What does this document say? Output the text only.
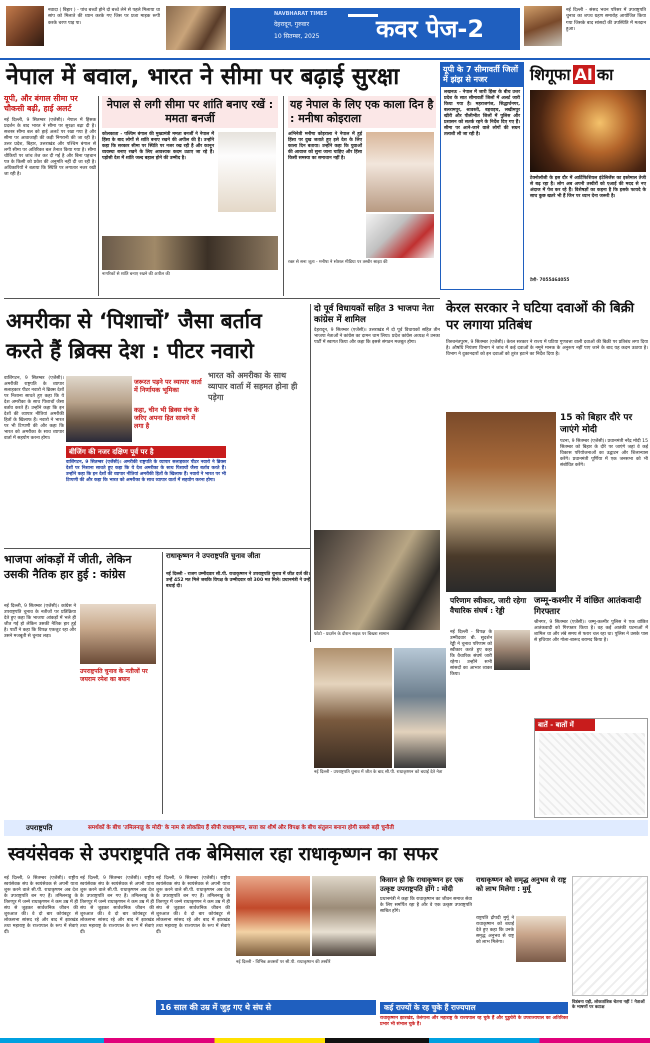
नवादा ( बिहार ) - पांच बच्चों होने दो बच्चे लेने से पहले मिलाया था सांप को मिलाते की ध्यान करके गए जिस पर प्रजा माइक रूपी करके चरण पाड़ पा।
NAVBHARAT TIMES
देहरादून, गुरुवार
10 सितम्बर, 2025 कवर पेज-2
नई दिल्ली - संसद भवन परिसर में उपराष्ट्रपति चुनाव का शपथ ग्रहण समारोह आयोजित किया गया जिसके बाद सांसदों की उपस्थिति में मतदान हुआ।
नेपाल में बवाल, भारत ने सीमा पर बढ़ाई सुरक्षा
यूपी, और बंगाल सीमा पर चौकसी बढ़ी, हाई अलर्ट
नई दिल्ली, 9 सितम्बर (एजेंसी)। नेपाल में हिंसक प्रदर्शन के बाद भारत ने सीमा पर सुरक्षा बढ़ा दी है। सशस्त्र सीमा बल को हाई अलर्ट पर रखा गया है और सीमा पर आवाजाही की कड़ी निगरानी की जा रही है। उत्तर प्रदेश, बिहार, उत्तराखंड और पश्चिम बंगाल से लगी सीमा पर अतिरिक्त बल तैनात किया गया है। सीमा चौकियों पर जांच तेज कर दी गई है और बिना पहचान पत्र के किसी को प्रवेश की अनुमति नहीं दी जा रही है। अधिकारियों ने बताया कि स्थिति पर लगातार नजर रखी जा रही है।
नेपाल से लगी सीमा पर शांति बनाए रखें : ममता बनर्जी
कोलकाता - पश्चिम बंगाल की मुख्यमंत्री ममता बनर्जी ने नेपाल में हिंसा के बाद लोगों से शांति बनाए रखने की अपील की है। उन्होंने कहा कि सरकार सीमा पर स्थिति पर नजर रख रही है और कानून व्यवस्था बनाए रखने के लिए आवश्यक कदम उठाए जा रहे हैं। पड़ोसी देश में शांति जल्द बहाल होने की उम्मीद है।
नागरिकों से शांति बनाए रखने की अपील की
यह नेपाल के लिए एक काला दिन है : मनीषा कोइराला
अभिनेत्री मनीषा कोइराला ने नेपाल में हुई हिंसा पर दुख जताते हुए इसे देश के लिए काला दिन बताया। उन्होंने कहा कि युवाओं की आवाज को सुना जाना चाहिए और हिंसा किसी समस्या का समाधान नहीं है।
रक्त से सना जूता - मनीषा ने सोशल मीडिया पर तस्वीर साझा की
यूपी के 7 सीमावर्ती जिलों में झंझ से नजर
लखनऊ - नेपाल में जारी हिंसा के बीच उत्तर प्रदेश के सात सीमावर्ती जिलों में अलर्ट जारी किया गया है। महराजगंज, सिद्धार्थनगर, बलरामपुर, श्रावस्ती, बहराइच, लखीमपुर खीरी और पीलीभीत जिलों में पुलिस और प्रशासन को सतर्क रहने के निर्देश दिए गए हैं। सीमा पर आने-जाने वाले लोगों की सघन तलाशी ली जा रही है।
शिगूफा AI का
टेक्नोलॉजी के इस दौर में आर्टिफिशियल इंटेलिजेंस का इस्तेमाल तेजी से बढ़ रहा है। लोग अब अपनी तस्वीरों को एआई की मदद से नए अंदाज में पेश कर रहे हैं। विशेषज्ञों का कहना है कि इसके फायदे के साथ कुछ खतरे भी हैं जिन पर ध्यान देना जरूरी है।
टेली- 7055464055
अमरीका से ‘पिशाचों’ जैसा बर्ताव
करते हैं ब्रिक्स देश : पीटर नवारो
वाशिंगटन, 9 सितम्बर (एजेंसी)। अमरीकी राष्ट्रपति के व्यापार सलाहकार पीटर नवारो ने ब्रिक्स देशों पर निशाना साधते हुए कहा कि ये देश अमरीका के साथ पिशाचों जैसा बर्ताव करते हैं। उन्होंने कहा कि इन देशों की व्यापार नीतियां अमरीकी हितों के खिलाफ हैं। नवारो ने भारत पर भी टिप्पणी की और कहा कि भारत को अमरीका के साथ व्यापार वार्ता में सहयोग करना होगा।
जरूरत पड़ने पर व्यापार वार्ता में निर्णायक भूमिका
कहा, चीन भी ब्रिक्स मंच के जरिए अपना हित साधने में लगा है
भारत को अमरीका के साथ व्यापार वार्ता में सहमत होना ही पड़ेगा
बीजिंग की नजर दक्षिण पूर्व पर है
वाशिंगटन, 9 सितम्बर (एजेंसी)। अमरीकी राष्ट्रपति के व्यापार सलाहकार पीटर नवारो ने ब्रिक्स देशों पर निशाना साधते हुए कहा कि ये देश अमरीका के साथ पिशाचों जैसा बर्ताव करते हैं। उन्होंने कहा कि इन देशों की व्यापार नीतियां अमरीकी हितों के खिलाफ हैं। नवारो ने भारत पर भी टिप्पणी की और कहा कि भारत को अमरीका के साथ व्यापार वार्ता में सहयोग करना होगा।
दो पूर्व विधायकों सहित 3 भाजपा नेता कांग्रेस में शामिल
देहरादून, 9 सितम्बर (एजेंसी)। उत्तराखंड में दो पूर्व विधायकों सहित तीन भाजपा नेताओं ने कांग्रेस का दामन थाम लिया। प्रदेश कांग्रेस अध्यक्ष ने उनका पार्टी में स्वागत किया और कहा कि इससे संगठन मजबूत होगा।
फोटो - प्रदर्शन के दौरान सड़क पर बिखरा सामान
केरल सरकार ने घटिया दवाओं की बिक्री पर लगाया प्रतिबंध
तिरुवनंतपुरम, 9 सितम्बर (एजेंसी)। केरल सरकार ने राज्य में घटिया गुणवत्ता वाली दवाओं की बिक्री पर प्रतिबंध लगा दिया है। औषधि नियंत्रण विभाग ने जांच में कई दवाओं के नमूने मानक के अनुरूप नहीं पाए जाने के बाद यह कदम उठाया है। विभाग ने दुकानदारों को इन दवाओं को तुरंत हटाने का निर्देश दिया है।
15 को बिहार दौरे पर जाएंगे मोदी
पटना, 9 सितम्बर (एजेंसी)। प्रधानमंत्री नरेंद्र मोदी 15 सितम्बर को बिहार के दौरे पर जाएंगे जहां वे कई विकास परियोजनाओं का उद्घाटन और शिलान्यास करेंगे। प्रधानमंत्री पूर्णिया में एक जनसभा को भी संबोधित करेंगे।
भाजपा आंकड़ों में जीती, लेकिन उसकी नैतिक हार हुई : कांग्रेस
नई दिल्ली, 9 सितम्बर (एजेंसी)। कांग्रेस ने उपराष्ट्रपति चुनाव के नतीजों पर प्रतिक्रिया देते हुए कहा कि भाजपा आंकड़ों में भले ही जीत गई हो लेकिन उसकी नैतिक हार हुई है। पार्टी ने कहा कि विपक्ष एकजुट रहा और उसने मजबूती से चुनाव लड़ा।
उपराष्ट्रपति चुनाव के नतीजों पर जयराम रमेश का बयान
राधाकृष्णन ने उपराष्ट्रपति चुनाव जीता
नई दिल्ली - राजग उम्मीदवार सी.पी. राधाकृष्णन ने उपराष्ट्रपति चुनाव में जीत दर्ज की। उन्हें 452 मत मिले जबकि विपक्ष के उम्मीदवार को 300 मत मिले। प्रधानमंत्री ने उन्हें बधाई दी।
नई दिल्ली - उपराष्ट्रपति चुनाव में जीत के बाद सी.पी. राधाकृष्णन को बधाई देते नेता
परिणाम स्वीकार, जारी रहेगा वैचारिक संघर्ष : रेड्डी
नई दिल्ली - विपक्ष के उम्मीदवार बी. सुदर्शन रेड्डी ने चुनाव परिणाम को स्वीकार करते हुए कहा कि वैचारिक संघर्ष जारी रहेगा। उन्होंने सभी सांसदों का आभार व्यक्त किया।
जम्मू-कश्मीर में वांछित आतंकवादी गिरफ्तार
श्रीनगर, 9 सितम्बर (एजेंसी)। जम्मू-कश्मीर पुलिस ने एक वांछित आतंकवादी को गिरफ्तार किया है। वह कई आतंकी घटनाओं में शामिल था और लंबे समय से फरार चल रहा था। पुलिस ने उसके पास से हथियार और गोला-बारूद बरामद किया है।
बातें - बातों में
उपराष्ट्रपति	समर्थकों के बीच 'तमिलनाडु के मोदी' के नाम से लोकप्रिय हैं सीपी राधाकृष्णन, सत्ता का शीर्ष और विपक्ष के बीच संतुलन बनाना होगी सबसे बड़ी चुनौती
स्वयंसेवक से उपराष्ट्रपति तक बेमिसाल रहा राधाकृष्णन का सफर
नई दिल्ली, 9 सितम्बर (एजेंसी)। राष्ट्रीय स्वयंसेवक संघ के स्वयंसेवक से अपनी यात्रा शुरू करने वाले सी.पी. राधाकृष्णन अब देश के उपराष्ट्रपति बन गए हैं। तमिलनाडु के तिरुप्पुर में जन्मे राधाकृष्णन ने कम उम्र में ही संघ से जुड़कर सार्वजनिक जीवन की शुरुआत की। वे दो बार कोयंबटूर से लोकसभा सांसद रहे और बाद में झारखंड तथा महाराष्ट्र के राज्यपाल के रूप में सेवाएं दीं।
नई दिल्ली, 9 सितम्बर (एजेंसी)। राष्ट्रीय स्वयंसेवक संघ के स्वयंसेवक से अपनी यात्रा शुरू करने वाले सी.पी. राधाकृष्णन अब देश के उपराष्ट्रपति बन गए हैं। तमिलनाडु के तिरुप्पुर में जन्मे राधाकृष्णन ने कम उम्र में ही संघ से जुड़कर सार्वजनिक जीवन की शुरुआत की। वे दो बार कोयंबटूर से लोकसभा सांसद रहे और बाद में झारखंड तथा महाराष्ट्र के राज्यपाल के रूप में सेवाएं दीं।
नई दिल्ली, 9 सितम्बर (एजेंसी)। राष्ट्रीय स्वयंसेवक संघ के स्वयंसेवक से अपनी यात्रा शुरू करने वाले सी.पी. राधाकृष्णन अब देश के उपराष्ट्रपति बन गए हैं। तमिलनाडु के तिरुप्पुर में जन्मे राधाकृष्णन ने कम उम्र में ही संघ से जुड़कर सार्वजनिक जीवन की शुरुआत की। वे दो बार कोयंबटूर से लोकसभा सांसद रहे और बाद में झारखंड तथा महाराष्ट्र के राज्यपाल के रूप में सेवाएं दीं।
नई दिल्ली - विभिन्न अवसरों पर सी.पी. राधाकृष्णन की तस्वीरें
16 साल की उम्र में जुड़ गए थे संघ से
किसान हो कि राधाकृष्णन हर एक उत्कृष्ट उपराष्ट्रपति होंगे : मोदी
प्रधानमंत्री ने कहा कि राधाकृष्णन का जीवन समाज सेवा के लिए समर्पित रहा है और वे एक उत्कृष्ट उपराष्ट्रपति साबित होंगे।
राधाकृष्णन को समृद्ध अनुभव से राष्ट्र को लाभ मिलेगा : मुर्मू
राष्ट्रपति द्रौपदी मुर्मू ने राधाकृष्णन को बधाई देते हुए कहा कि उनके समृद्ध अनुभव से राष्ट्र को लाभ मिलेगा।
कई राज्यों के रह चुके हैं राज्यपाल
राधाकृष्णन झारखंड, तेलंगाना और महाराष्ट्र के राज्यपाल रह चुके हैं और पुडुचेरी के उपराज्यपाल का अतिरिक्त प्रभार भी संभाल चुके हैं।
विडंबना यही, लोकतांत्रिक चेतना नहीं ! नेताओं के भाषणों पर कटाक्ष
